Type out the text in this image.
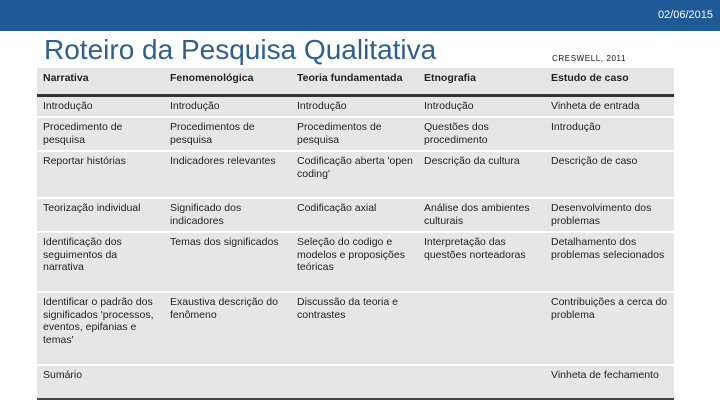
02/06/2015
Roteiro da Pesquisa Qualitativa	CRESWELL, 2011
Narrativa	Fenomenológica	Teoria fundamentada	Etnografia	Estudo de caso
Introdução	Introdução	Introdução	Introdução	Vinheta de entrada
Procedimento de pesquisa	Procedimentos de pesquisa	Procedimentos de pesquisa	Questões dos procedimento	Introdução
Reportar histórias	Indicadores relevantes	Codificação aberta 'open coding'	Descrição da cultura	Descrição de caso
Teorização individual	Significado dos indicadores	Codificação axial	Análise dos ambientes culturais	Desenvolvimento dos problemas
Identificação dos seguimentos da narrativa	Temas dos significados	Seleção do codigo e modelos e proposições teóricas	Interpretação das questões norteadoras	Detalhamento dos problemas selecionados
Identificar o padrão dos significados 'processos, eventos, epifanias e temas'	Exaustiva descrição do fenômeno	Discussão da teoria e contrastes		Contribuições a cerca do problema
Sumário				Vinheta de fechamento
